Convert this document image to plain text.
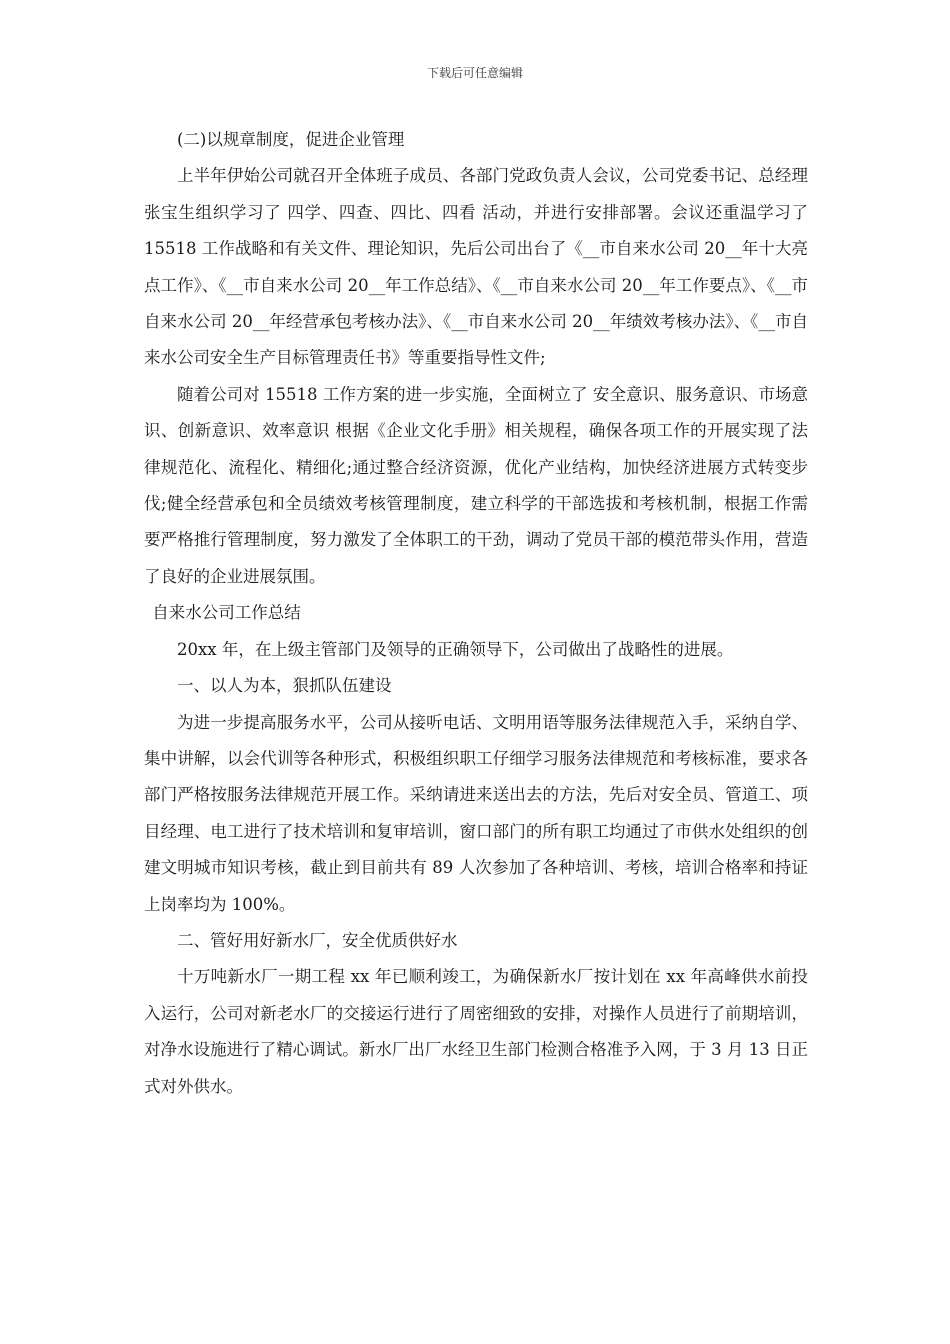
下载后可任意编辑

(二)以规章制度，促进企业管理

上半年伊始公司就召开全体班子成员、各部门党政负责人会议，公司党委书记、总经理张宝生组织学习了 四学、四查、四比、四看 活动，并进行安排部署。会议还重温学习了 15518 工作战略和有关文件、理论知识，先后公司出台了《__市自来水公司 20__年十大亮点工作》、《__市自来水公司 20__年工作总结》、《__市自来水公司 20__年工作要点》、《__市自来水公司 20__年经营承包考核办法》、《__市自来水公司 20__年绩效考核办法》、《__市自来水公司安全生产目标管理责任书》等重要指导性文件;

随着公司对 15518 工作方案的进一步实施，全面树立了 安全意识、服务意识、市场意识、创新意识、效率意识 根据《企业文化手册》相关规程，确保各项工作的开展实现了法律规范化、流程化、精细化;通过整合经济资源，优化产业结构，加快经济进展方式转变步伐;健全经营承包和全员绩效考核管理制度，建立科学的干部选拔和考核机制，根据工作需要严格推行管理制度，努力激发了全体职工的干劲，调动了党员干部的模范带头作用，营造了良好的企业进展氛围。

自来水公司工作总结

20xx 年，在上级主管部门及领导的正确领导下，公司做出了战略性的进展。

一、以人为本，狠抓队伍建设

为进一步提高服务水平，公司从接听电话、文明用语等服务法律规范入手，采纳自学、集中讲解，以会代训等各种形式，积极组织职工仔细学习服务法律规范和考核标准，要求各部门严格按服务法律规范开展工作。采纳请进来送出去的方法，先后对安全员、管道工、项目经理、电工进行了技术培训和复审培训，窗口部门的所有职工均通过了市供水处组织的创建文明城市知识考核，截止到目前共有 89 人次参加了各种培训、考核，培训合格率和持证上岗率均为 100%。

二、管好用好新水厂，安全优质供好水

十万吨新水厂一期工程 xx 年已顺利竣工，为确保新水厂按计划在 xx 年高峰供水前投入运行，公司对新老水厂的交接运行进行了周密细致的安排，对操作人员进行了前期培训，对净水设施进行了精心调试。新水厂出厂水经卫生部门检测合格准予入网，于 3 月 13 日正式对外供水。
